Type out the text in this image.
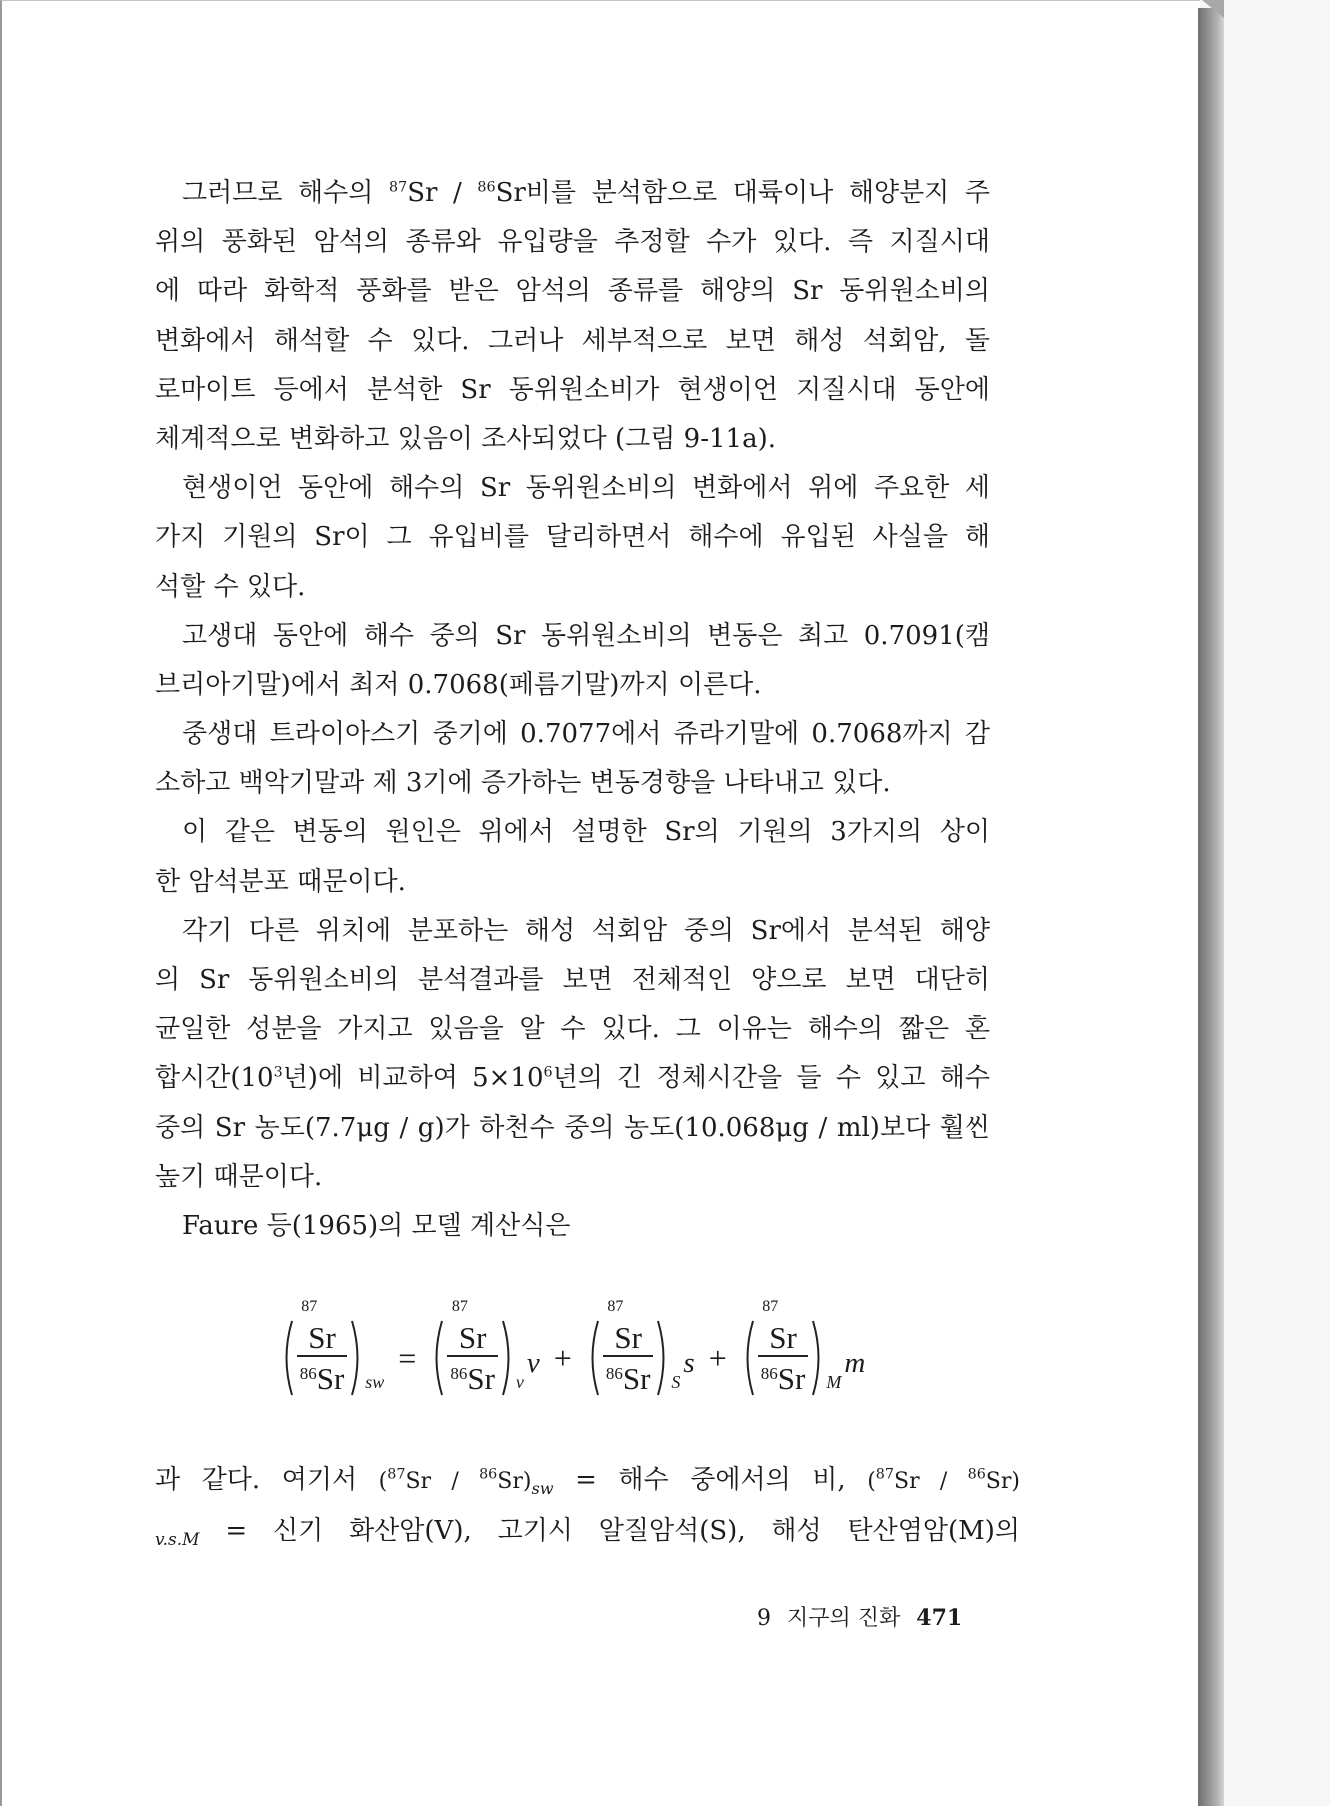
그러므로 해수의 $^{87}$Sr / $^{86}$Sr비를 분석함으로 대륙이나 해양분지 주
위의 풍화된 암석의 종류와 유입량을 추정할 수가 있다. 즉 지질시대
에 따라 화학적 풍화를 받은 암석의 종류를 해양의 Sr 동위원소비의
변화에서 해석할 수 있다. 그러나 세부적으로 보면 해성 석회암, 돌
로마이트 등에서 분석한 Sr 동위원소비가 현생이언 지질시대 동안에
체계적으로 변화하고 있음이 조사되었다 (그림 9-11a).
현생이언 동안에 해수의 Sr 동위원소비의 변화에서 위에 주요한 세
가지 기원의 Sr이 그 유입비를 달리하면서 해수에 유입된 사실을 해
석할 수 있다.
고생대 동안에 해수 중의 Sr 동위원소비의 변동은 최고 0.7091(캠
브리아기말)에서 최저 0.7068(페름기말)까지 이른다.
중생대 트라이아스기 중기에 0.7077에서 쥬라기말에 0.7068까지 감
소하고 백악기말과 제 3기에 증가하는 변동경향을 나타내고 있다.
이 같은 변동의 원인은 위에서 설명한 Sr의 기원의 3가지의 상이
한 암석분포 때문이다.
각기 다른 위치에 분포하는 해성 석회암 중의 Sr에서 분석된 해양
의 Sr 동위원소비의 분석결과를 보면 전체적인 양으로 보면 대단히
균일한 성분을 가지고 있음을 알 수 있다. 그 이유는 해수의 짧은 혼
합시간($10^3$년)에 비교하여 $5\times 10^6$년의 긴 정체시간을 들 수 있고 해수
중의 Sr 농도(7.7μg / g)가 하천수 중의 농도(10.068μg / ml)보다 훨씬
높기 때문이다.
Faure 등(1965)의 모델 계산식은
87
Sr
$^{86}$Sr sw
= 87
Sr
$^{86}$Sr v
v + 87
Sr
$^{86}$Sr S
s + 87
Sr
$^{86}$Sr M
m
과 같다. 여기서 $(^{87}Sr / ^{86}Sr)_{sw}$ = 해수 중에서의 비, ($^{87}$Sr / $^{86}$Sr)
$_{v.s.M}$ = 신기 화산암(V), 고기시 알질암석(S), 해성 탄산염암(M)의
9 지구의 진화 471
